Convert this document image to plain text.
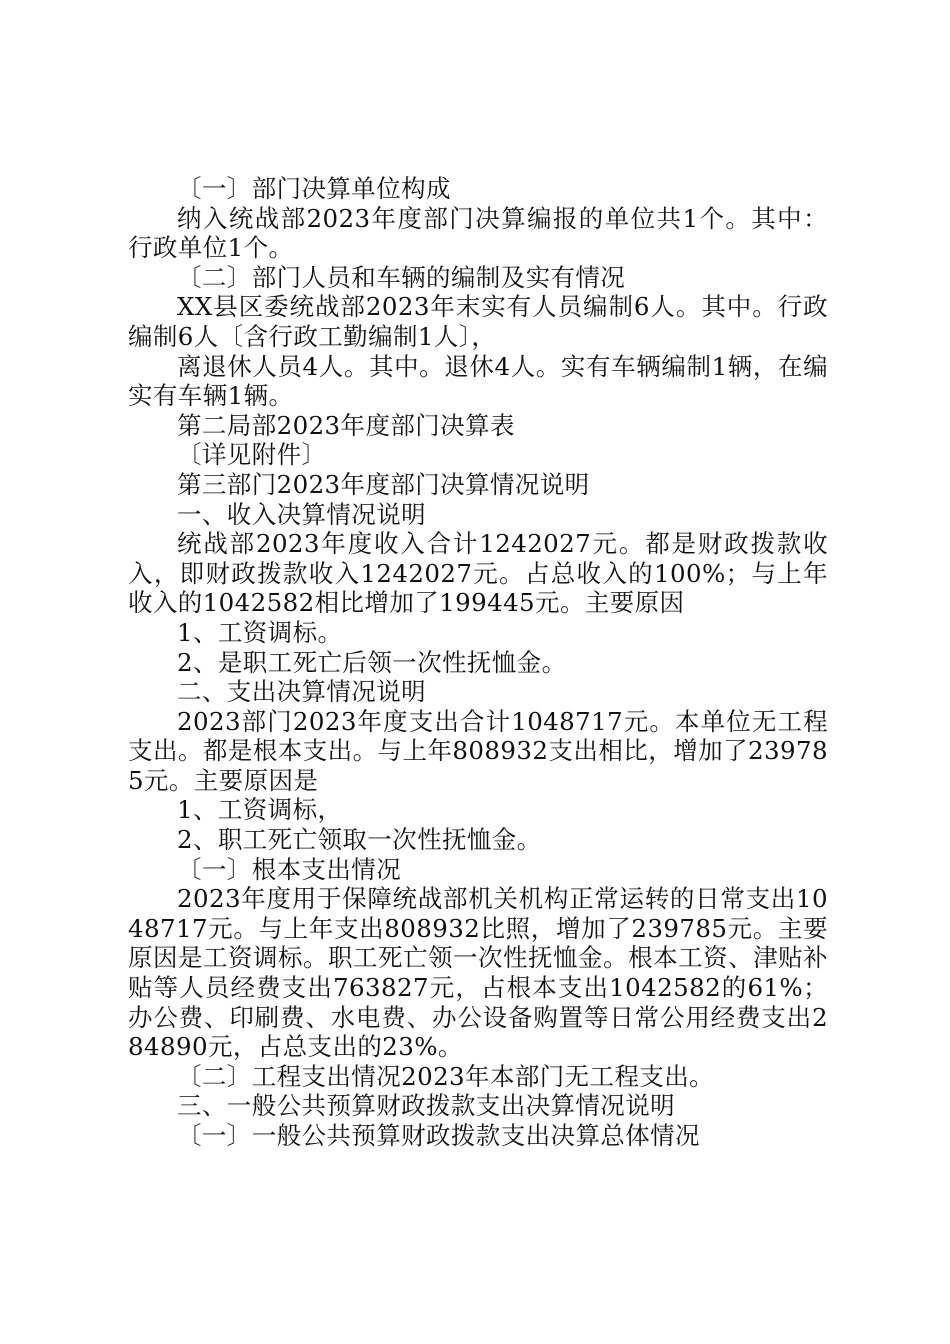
〔一〕部门决算单位构成

纳入统战部2023年度部门决算编报的单位共1个。其中：行政单位1个。

〔二〕部门人员和车辆的编制及实有情况

XX县区委统战部2023年末实有人员编制6人。其中。行政编制6人〔含行政工勤编制1人〕，

离退休人员4人。其中。退休4人。实有车辆编制1辆，在编实有车辆1辆。

第二局部2023年度部门决算表

〔详见附件〕

第三部门2023年度部门决算情况说明

一、收入决算情况说明

统战部2023年度收入合计1242027元。都是财政拨款收入，即财政拨款收入1242027元。占总收入的100%；与上年收入的1042582相比增加了199445元。主要原因

1、工资调标。

2、是职工死亡后领一次性抚恤金。

二、支出决算情况说明

2023部门2023年度支出合计1048717元。本单位无工程支出。都是根本支出。与上年808932支出相比，增加了239785元。主要原因是

1、工资调标，

2、职工死亡领取一次性抚恤金。

〔一〕根本支出情况

2023年度用于保障统战部机关机构正常运转的日常支出1048717元。与上年支出808932比照，增加了239785元。主要原因是工资调标。职工死亡领一次性抚恤金。根本工资、津贴补贴等人员经费支出763827元，占根本支出1042582的61%；办公费、印刷费、水电费、办公设备购置等日常公用经费支出284890元，占总支出的23%。

〔二〕工程支出情况2023年本部门无工程支出。

三、一般公共预算财政拨款支出决算情况说明

〔一〕一般公共预算财政拨款支出决算总体情况
